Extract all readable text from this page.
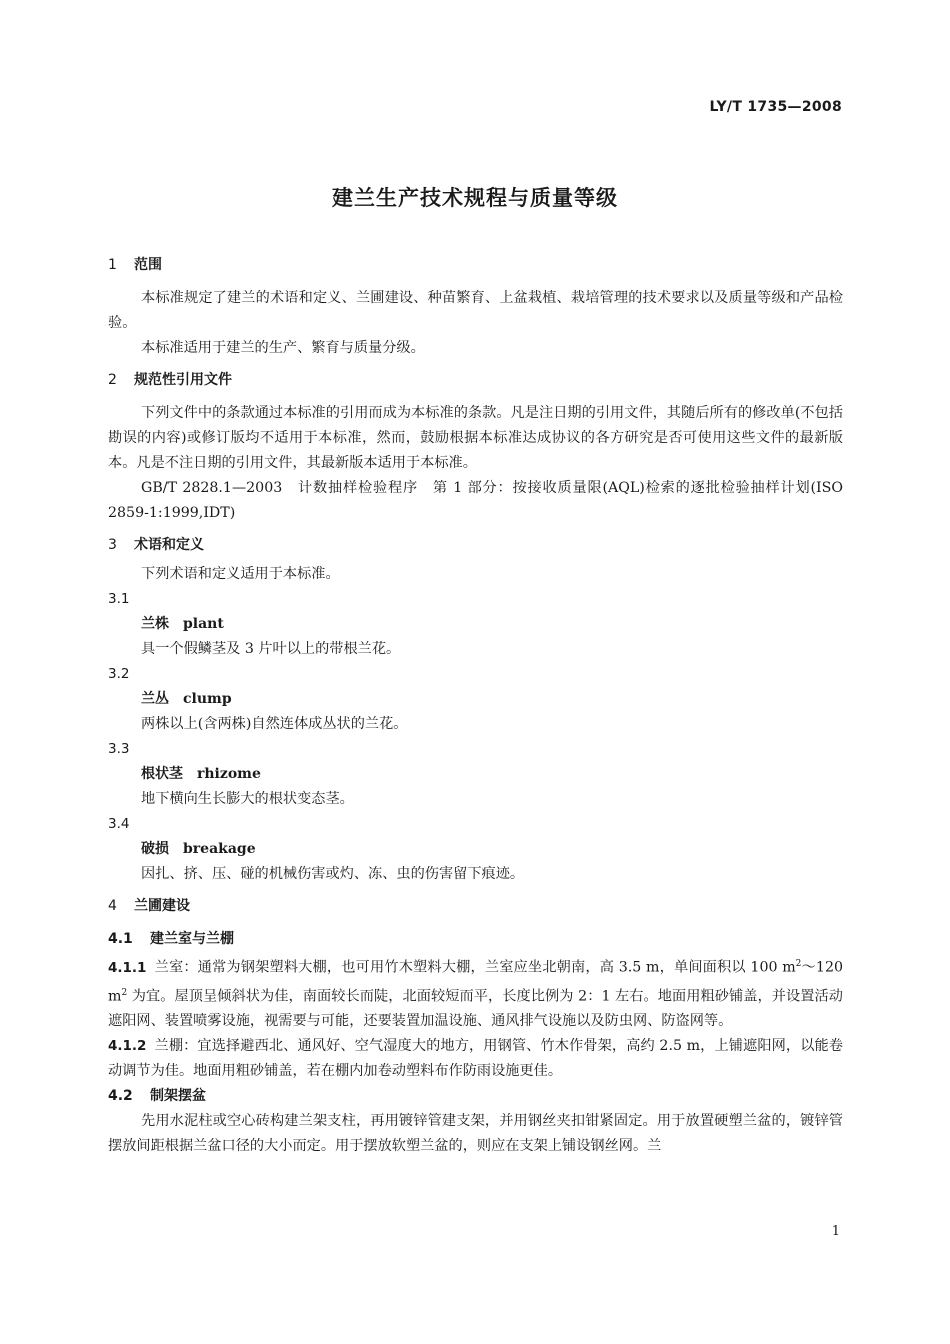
LY/T 1735—2008
建兰生产技术规程与质量等级
1 范围
本标准规定了建兰的术语和定义、兰圃建设、种苗繁育、上盆栽植、栽培管理的技术要求以及质量等级和产品检验。
本标准适用于建兰的生产、繁育与质量分级。
2 规范性引用文件
下列文件中的条款通过本标准的引用而成为本标准的条款。凡是注日期的引用文件，其随后所有的修改单(不包括勘误的内容)或修订版均不适用于本标准，然而，鼓励根据本标准达成协议的各方研究是否可使用这些文件的最新版本。凡是不注日期的引用文件，其最新版本适用于本标准。
GB/T 2828.1—2003　计数抽样检验程序　第 1 部分：按接收质量限(AQL)检索的逐批检验抽样计划(ISO 2859-1:1999,IDT)
3 术语和定义
下列术语和定义适用于本标准。
3.1
兰株 plant
具一个假鳞茎及 3 片叶以上的带根兰花。
3.2
兰丛 clump
两株以上(含两株)自然连体成丛状的兰花。
3.3
根状茎 rhizome
地下横向生长膨大的根状变态茎。
3.4
破损 breakage
因扎、挤、压、碰的机械伤害或灼、冻、虫的伤害留下痕迹。
4 兰圃建设
4.1 建兰室与兰棚
4.1.1 兰室：通常为钢架塑料大棚，也可用竹木塑料大棚，兰室应坐北朝南，高 3.5 m，单间面积以 100 $m^2\sim 120$ $m^2$ 为宜。屋顶呈倾斜状为佳，南面较长而陡，北面较短而平，长度比例为 2：1 左右。地面用粗砂铺盖，并设置活动遮阳网、装置喷雾设施，视需要与可能，还要装置加温设施、通风排气设施以及防虫网、防盗网等。
4.1.2 兰棚：宜选择避西北、通风好、空气湿度大的地方，用钢管、竹木作骨架，高约 2.5 m，上铺遮阳网，以能卷动调节为佳。地面用粗砂铺盖，若在棚内加卷动塑料布作防雨设施更佳。
4.2 制架摆盆
先用水泥柱或空心砖构建兰架支柱，再用镀锌管建支架，并用钢丝夹扣钳紧固定。用于放置硬塑兰盆的，镀锌管摆放间距根据兰盆口径的大小而定。用于摆放软塑兰盆的，则应在支架上铺设钢丝网。兰
1
